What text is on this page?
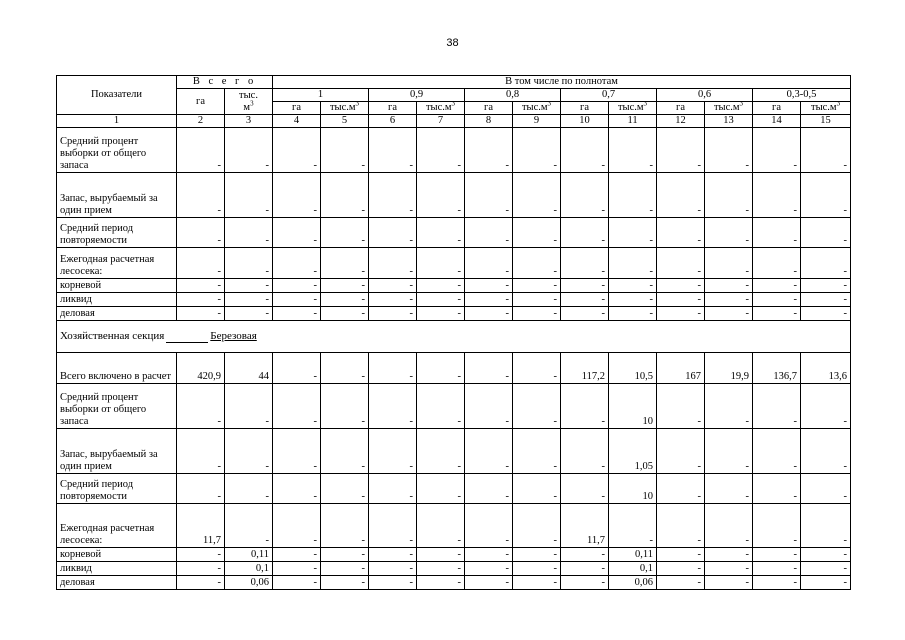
38
Показатели	В с е г о		В том числе по полнотам											
	га	тыс.
$м^3$	1		0,9		0,8		0,7		0,6		0,3-0,5	
			га	$тыс.м^3$	га	$тыс.м^3$	га	$тыс.м^3$	га	$тыс.м^3$	га	$тыс.м^3$	га	$тыс.м^3$
1	2	3	4	5	6	7	8	9	10	11	12	13	14	15
Средний процент выборки от общего запаса	-	-	-	-	-	-	-	-	-	-	-	-	-	-
Запас, вырубаемый за один прием	-	-	-	-	-	-	-	-	-	-	-	-	-	-
Средний период повторяемости	-	-	-	-	-	-	-	-	-	-	-	-	-	-
Ежегодная расчетная лесосека:	-	-	-	-	-	-	-	-	-	-	-	-	-	-
корневой	-	-	-	-	-	-	-	-	-	-	-	-	-	-
ликвид	-	-	-	-	-	-	-	-	-	-	-	-	-	-
деловая	-	-	-	-	-	-	-	-	-	-	-	-	-	-
Хозяйственная секция Березовая														
Всего включено в расчет	420,9	44	-	-	-	-	-	-	117,2	10,5	167	19,9	136,7	13,6
Средний процент выборки от общего запаса	-	-	-	-	-	-	-	-	-	10	-	-	-	-
Запас, вырубаемый за один прием	-	-	-	-	-	-	-	-	-	1,05	-	-	-	-
Средний период повторяемости	-	-	-	-	-	-	-	-	-	10	-	-	-	-
Ежегодная расчетная лесосека:	11,7	-	-	-	-	-	-	-	11,7	-	-	-	-	-
корневой	-	0,11	-	-	-	-	-	-	-	0,11	-	-	-	-
ликвид	-	0,1	-	-	-	-	-	-	-	0,1	-	-	-	-
деловая	-	0,06	-	-	-	-	-	-	-	0,06	-	-	-	-
